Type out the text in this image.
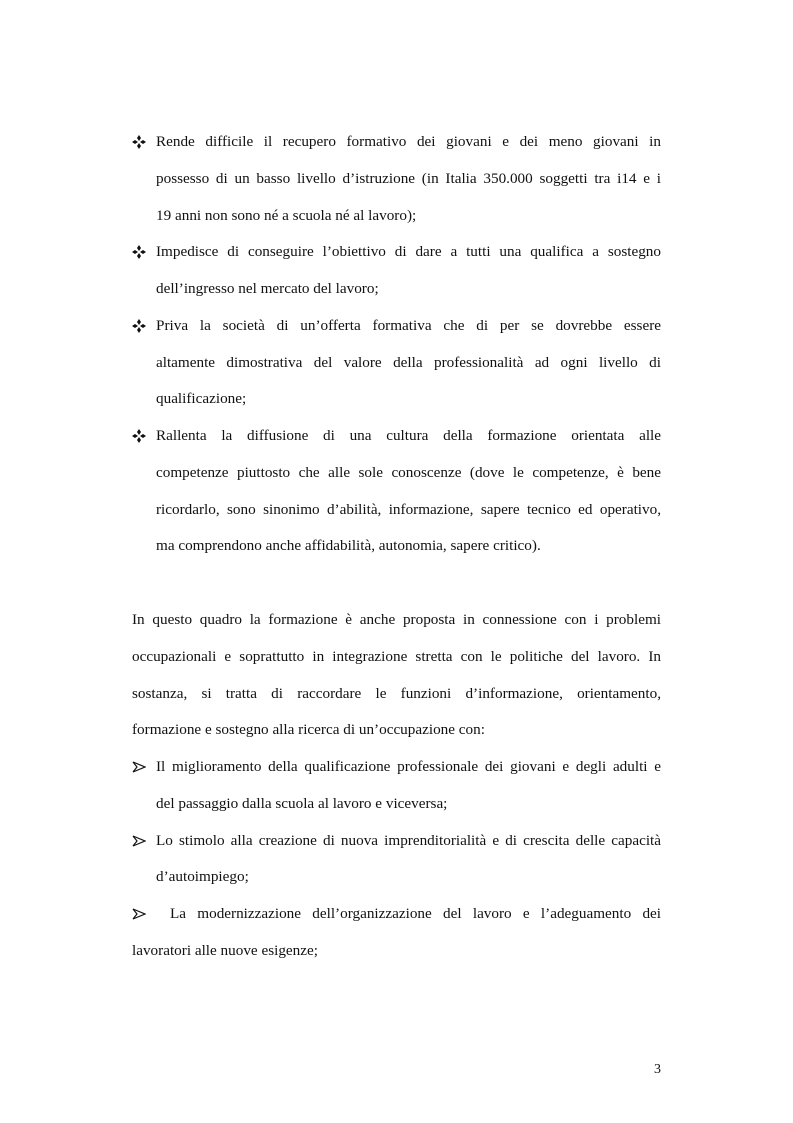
Rende difficile il recupero formativo dei giovani e dei meno giovani in
possesso di un basso livello d’istruzione (in Italia 350.000 soggetti tra i14 e i
19 anni non sono né a scuola né al lavoro);
Impedisce di conseguire l’obiettivo di dare a tutti una qualifica a sostegno
dell’ingresso nel mercato del lavoro;
Priva la società di un’offerta formativa che di per se dovrebbe essere
altamente dimostrativa del valore della professionalità ad ogni livello di
qualificazione;
Rallenta la diffusione di una cultura della formazione orientata alle
competenze piuttosto che alle sole conoscenze (dove le competenze, è bene
ricordarlo, sono sinonimo d’abilità, informazione, sapere tecnico ed operativo,
ma comprendono anche affidabilità, autonomia, sapere critico).
In questo quadro la formazione è anche proposta in connessione con i problemi
occupazionali e soprattutto in integrazione stretta con le politiche del lavoro. In
sostanza, si tratta di raccordare le funzioni d’informazione, orientamento,
formazione e sostegno alla ricerca di un’occupazione con:
Il miglioramento della qualificazione professionale dei giovani e degli adulti e
del passaggio dalla scuola al lavoro e viceversa;
Lo stimolo alla creazione di nuova imprenditorialità e di crescita delle capacità
d’autoimpiego;
La modernizzazione dell’organizzazione del lavoro e l’adeguamento dei
lavoratori alle nuove esigenze;
3
